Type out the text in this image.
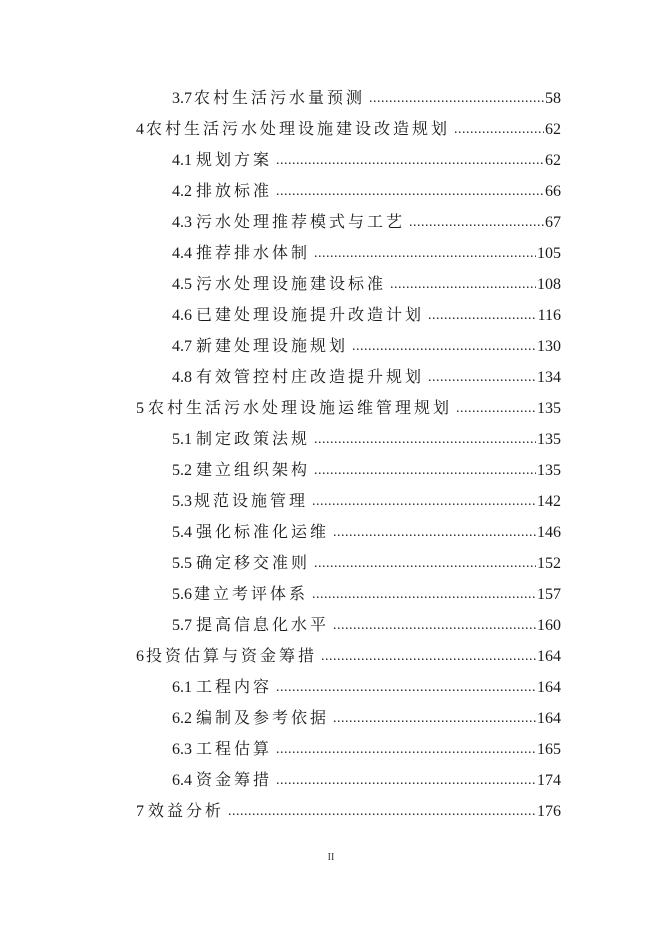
3.7 农村生活污水量预测 .....	58
4 农村生活污水处理设施建设改造规划 .....	62
4.1 规划方案 .....	62
4.2 排放标准 .....	66
4.3 污水处理推荐模式与工艺 .....	67
4.4 推荐排水体制 .....	105
4.5 污水处理设施建设标准 .....	108
4.6 已建处理设施提升改造计划 .....	116
4.7 新建处理设施规划 .....	130
4.8 有效管控村庄改造提升规划 .....	134
5 农村生活污水处理设施运维管理规划 .....	135
5.1 制定政策法规 .....	135
5.2 建立组织架构 .....	135
5.3 规范设施管理 .....	142
5.4 强化标准化运维 .....	146
5.5 确定移交准则 .....	152
5.6 建立考评体系 .....	157
5.7 提高信息化水平 .....	160
6 投资估算与资金筹措 .....	164
6.1 工程内容 .....	164
6.2 编制及参考依据 .....	164
6.3 工程估算 .....	165
6.4 资金筹措 .....	174
7 效益分析 .....	176
II
